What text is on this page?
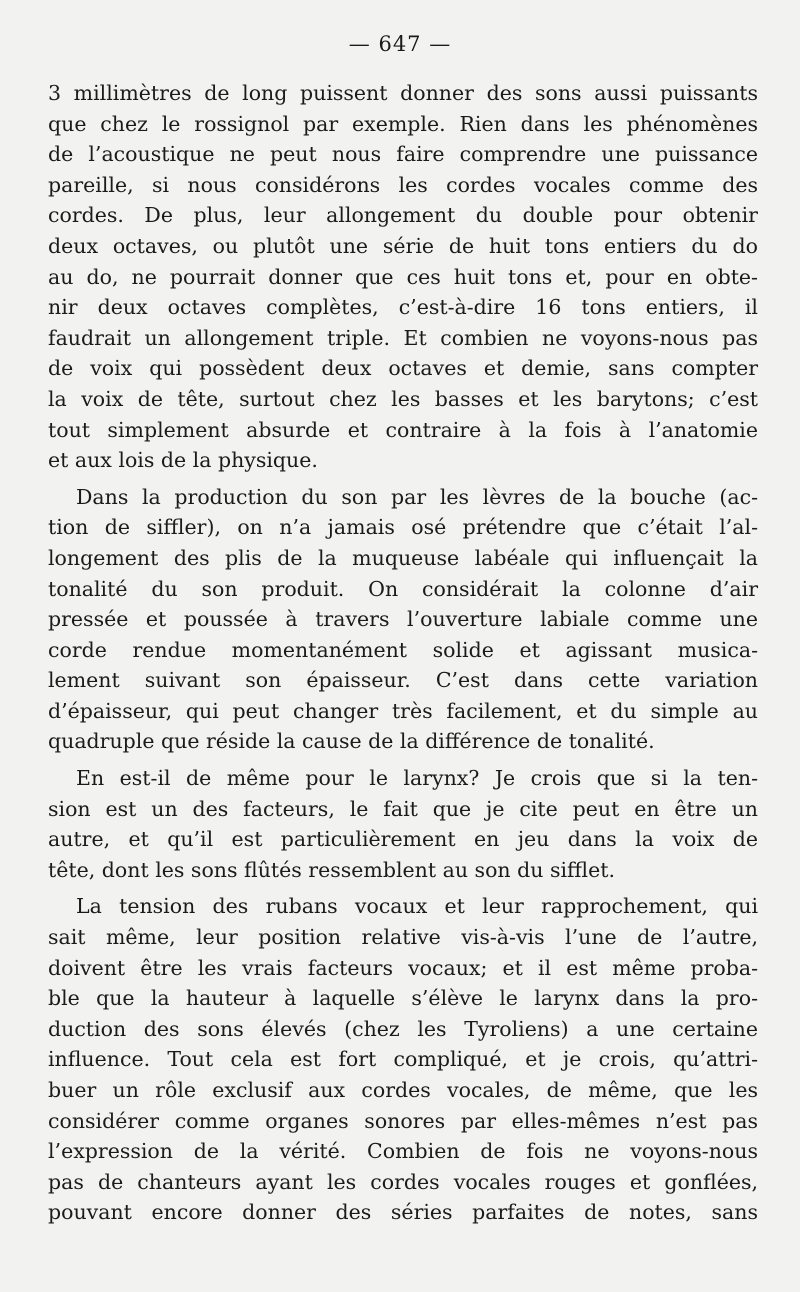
— 647 —
3 millimètres de long puissent donner des sons aussi puissants
que chez le rossignol par exemple. Rien dans les phénomènes
de l’acoustique ne peut nous faire comprendre une puissance
pareille, si nous considérons les cordes vocales comme des
cordes. De plus, leur allongement du double pour obtenir
deux octaves, ou plutôt une série de huit tons entiers du do
au do, ne pourrait donner que ces huit tons et, pour en obte-
nir deux octaves complètes, c’est-à-dire 16 tons entiers, il
faudrait un allongement triple. Et combien ne voyons-nous pas
de voix qui possèdent deux octaves et demie, sans compter
la voix de tête, surtout chez les basses et les barytons; c’est
tout simplement absurde et contraire à la fois à l’anatomie
et aux lois de la physique.
Dans la production du son par les lèvres de la bouche (ac-
tion de siffler), on n’a jamais osé prétendre que c’était l’al-
longement des plis de la muqueuse labéale qui influençait la
tonalité du son produit. On considérait la colonne d’air
pressée et poussée à travers l’ouverture labiale comme une
corde rendue momentanément solide et agissant musica-
lement suivant son épaisseur. C’est dans cette variation
d’épaisseur, qui peut changer très facilement, et du simple au
quadruple que réside la cause de la différence de tonalité.
En est-il de même pour le larynx? Je crois que si la ten-
sion est un des facteurs, le fait que je cite peut en être un
autre, et qu’il est particulièrement en jeu dans la voix de
tête, dont les sons flûtés ressemblent au son du sifflet.
La tension des rubans vocaux et leur rapprochement, qui
sait même, leur position relative vis-à-vis l’une de l’autre,
doivent être les vrais facteurs vocaux; et il est même proba-
ble que la hauteur à laquelle s’élève le larynx dans la pro-
duction des sons élevés (chez les Tyroliens) a une certaine
influence. Tout cela est fort compliqué, et je crois, qu’attri-
buer un rôle exclusif aux cordes vocales, de même, que les
considérer comme organes sonores par elles-mêmes n’est pas
l’expression de la vérité. Combien de fois ne voyons-nous
pas de chanteurs ayant les cordes vocales rouges et gonflées,
pouvant encore donner des séries parfaites de notes, sans
